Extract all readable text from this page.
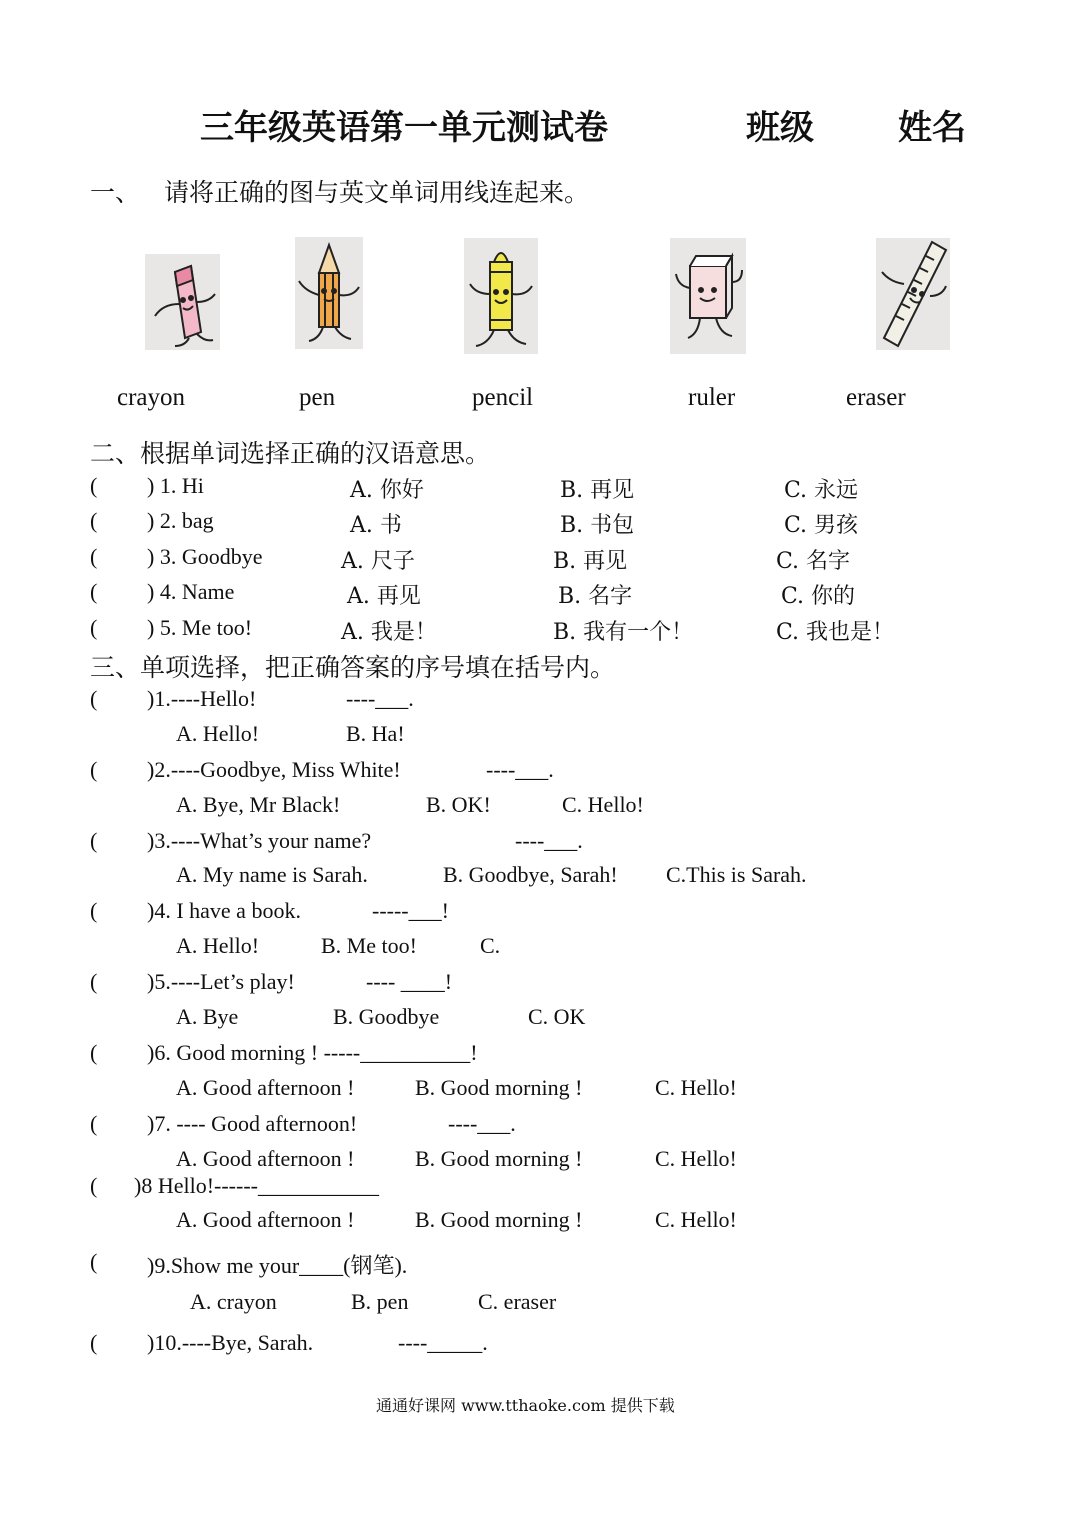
三年级英语第一单元测试卷	班级 姓名
一、 请将正确的图与英文单词用线连起来。
crayon	pen	pencil	ruler	eraser
二、根据单词选择正确的汉语意思。
( ) 1. Hi	A. 你好	B. 再见	C. 永远
( ) 2. bag	A. 书	B. 书包	C. 男孩
( ) 3. Goodbye	A. 尺子	B. 再见	C. 名字
( ) 4. Name	A. 再见	B. 名字	C. 你的
( ) 5. Me too!	A. 我是！	B. 我有一个！	C. 我也是！
三、单项选择，把正确答案的序号填在括号内。
( )1.----Hello!	----___.
A. Hello!	B. Ha!
( )2.----Goodbye, Miss White!	----___.
A. Bye, Mr Black!	B. OK!	C. Hello!
( )3.----What’s your name?	----___.
A. My name is Sarah.	B. Goodbye, Sarah! C.This is Sarah.
( )4. I have a book.	-----___!
A. Hello!	B. Me too!	C.
( )5.----Let’s play!	---- ____!
A. Bye	B. Goodbye	C. OK
( )6. Good morning ! -----__________!
A. Good afternoon !	B. Good morning !	C. Hello!
( )7. ---- Good afternoon!	----___.
A. Good afternoon !	B. Good morning !	C. Hello!
( )8 Hello!------___________
A. Good afternoon !	B. Good morning !	C. Hello!
( )9.Show me your____(钢笔).
A. crayon	B. pen	C. eraser
( )10.----Bye, Sarah.	----_____.
通通好课网 www.tthaoke.com 提供下载
